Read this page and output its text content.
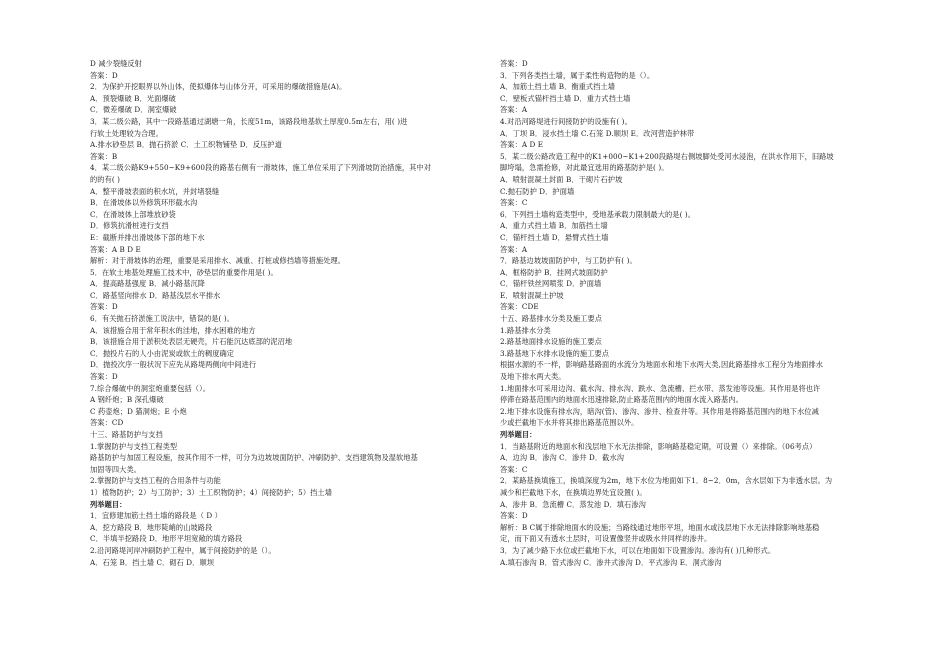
D 减少裂缝反射
答案：D
2．为保护开挖眼界以外山体，使拟爆体与山体分开，可采用的爆破措施是(A)。
A．预裂爆破 B．光面爆破
C．微差爆破 D．洞室爆破
3．某二级公路，其中一段路基通过湖塘一角，长度51m，该路段地基软土厚度0.5m左右，用( )进
行软土处理较为合理。
A.排水砂垫层 B．抛石挤淤 C．土工织物铺垫 D．反压护道
答案：B
4．某二级公路K9+550~K9+600段的路基右侧有一滑坡体，施工单位采用了下列滑坡防治措施，其中对
的的有( )
A．整平滑坡表面的积水坑，并封堵裂缝
B．在滑坡体以外修筑环形截水沟
C．在滑坡体上部堆放砂袋
D．修筑抗滑桩进行支挡
E：截断并排出滑坡体下部的地下水
答案：A B D E
解析：对于滑坡体的治理，重要是采用排水、减重、打桩或修挡墙等措施处理。
5．在软土地基处理施工技术中，砂垫层的重要作用是( )。
A．提高路基强度 B．减小路基沉降
C．路基竖向排水 D．路基浅层水平排水
答案：D
6．有关抛石挤淤施工说法中，错误的是( )。
A．该措施合用于常年积水的洼地，排水困难的地方
B．该措施合用于淤积处表层无硬壳，片石能沉达底部的泥沼地
C．抛投片石的人小由泥炭或软土的稠度确定
D．抛投次序一般状况下应先从路堤两侧向中间进行
答案：D
7.综合爆破中的洞室炮重要包括（）。
A 钢纤炮；B 深孔爆破
C 药壶炮；D 猫洞炮；E 小炮
答案：CD
十三、路基防护与支挡
1.掌握防护与支挡工程类型
路基防护与加固工程设施，按其作用不一样，可分为边坡坡面防护、冲刷防护、支挡建筑物及湿软地基
加固等四大类。
2.掌握防护与支挡工程的合用条件与功能
1）植物防护；2）与工防护；3）土工织物防护；4）间接防护；5）挡土墙
列举题目：
1．宜修建加筋土挡土墙的路段是（ D ）
A．挖方路段 B．地形陡峭的山坡路段
C．半填半挖路段 D．地形平坦宽敞的填方路段
2.沿河路堤河岸冲刷防护工程中，属于间接防护的是（）。
A．石笼 B．挡土墙 C．砌石 D．顺坝
答案：D
3．下列各类挡土墙，属于柔性构造物的是（）。
A．加筋土挡土墙 B．衡重式挡土墙
C．壁板式锚杆挡土墙 D．重力式挡土墙
答案：A
4.对沿河路堤进行间接防护的设施有( )。
A．丁坝 B．浸水挡土墙 C.石笼 D.顺坝 E．改河营造护林带
答案：A D E
5．某二级公路改造工程中的K1+000~K1+200段路堤右侧坡脚处受河水浸泡，在洪水作用下，旧路坡
脚垮塌，急需抢修，对此最宜选用的路基防护是( )。
A．喷射混凝土封面 B．干砌片石护坡
C.抛石防护 D．护面墙
答案：C
6．下列挡土墙构造类型中，受地基承载力限制最大的是( )。
A．重力式挡土墙 B．加筋挡土墙
C．锚杆挡土墙 D．悬臂式挡土墙
答案：A
7．路基边坡坡面防护中，与工防护有( )。
A．框格防护 B．挂网式坡面防护
C．锚杆铁丝网喷浆 D．护面墙
E．喷射混凝土护坡
答案：CDE
十五、路基排水分类及施工要点
1.路基排水分类
2.路基地面排水设施的施工要点
3.路基地下水排水设施的施工要点
根据水源的不一样，影响路基路面的水流分为地面水和地下水两大类,因此路基排水工程分为地面排水
及地下排水两大类。
1.地面排水可采用边沟、截水沟、排水沟、跌水、急流槽、拦水带、蒸发池等设施。其作用是将也许
停滞在路基范围内的地面水迅速排除,防止路基范围内的地面水流入路基内。
2.地下排水设施有排水沟，暗沟(管)、渗沟、渗井、检查井等。其作用是将路基范围内的地下水位减
少或拦截地下水并将其排出路基范围以外。
列举题目：
1．当路基附近的地面水和浅层地下水无法排除，影响路基稳定期，可设置（）来排除。（06考点）
A．边沟 B．渗沟 C．渗井 D．截水沟
答案：C
2．某路基换填施工，换填深度为2m，地下水位为地面如下1．8~2．0m，含水层如下为非透水层。为
减少和拦截地下水，在换填边界处宜设置( )。
A．渗井 B．急流槽 C．蒸发池 D．填石渗沟
答案：D
解析：B C属于排除地面水的设施；当路线通过地形平坦，地面水或浅层地下水无法排除影响地基稳
定，而下面又有透水土层时，可设置像竖井或吸水井同样的渗井。
3．为了减少路下水位或拦截地下水，可以在地面如下设置渗沟。渗沟有( )几种形式。
A.填石渗沟 B．管式渗沟 C．渗井式渗沟 D．平式渗沟 E．洞式渗沟
